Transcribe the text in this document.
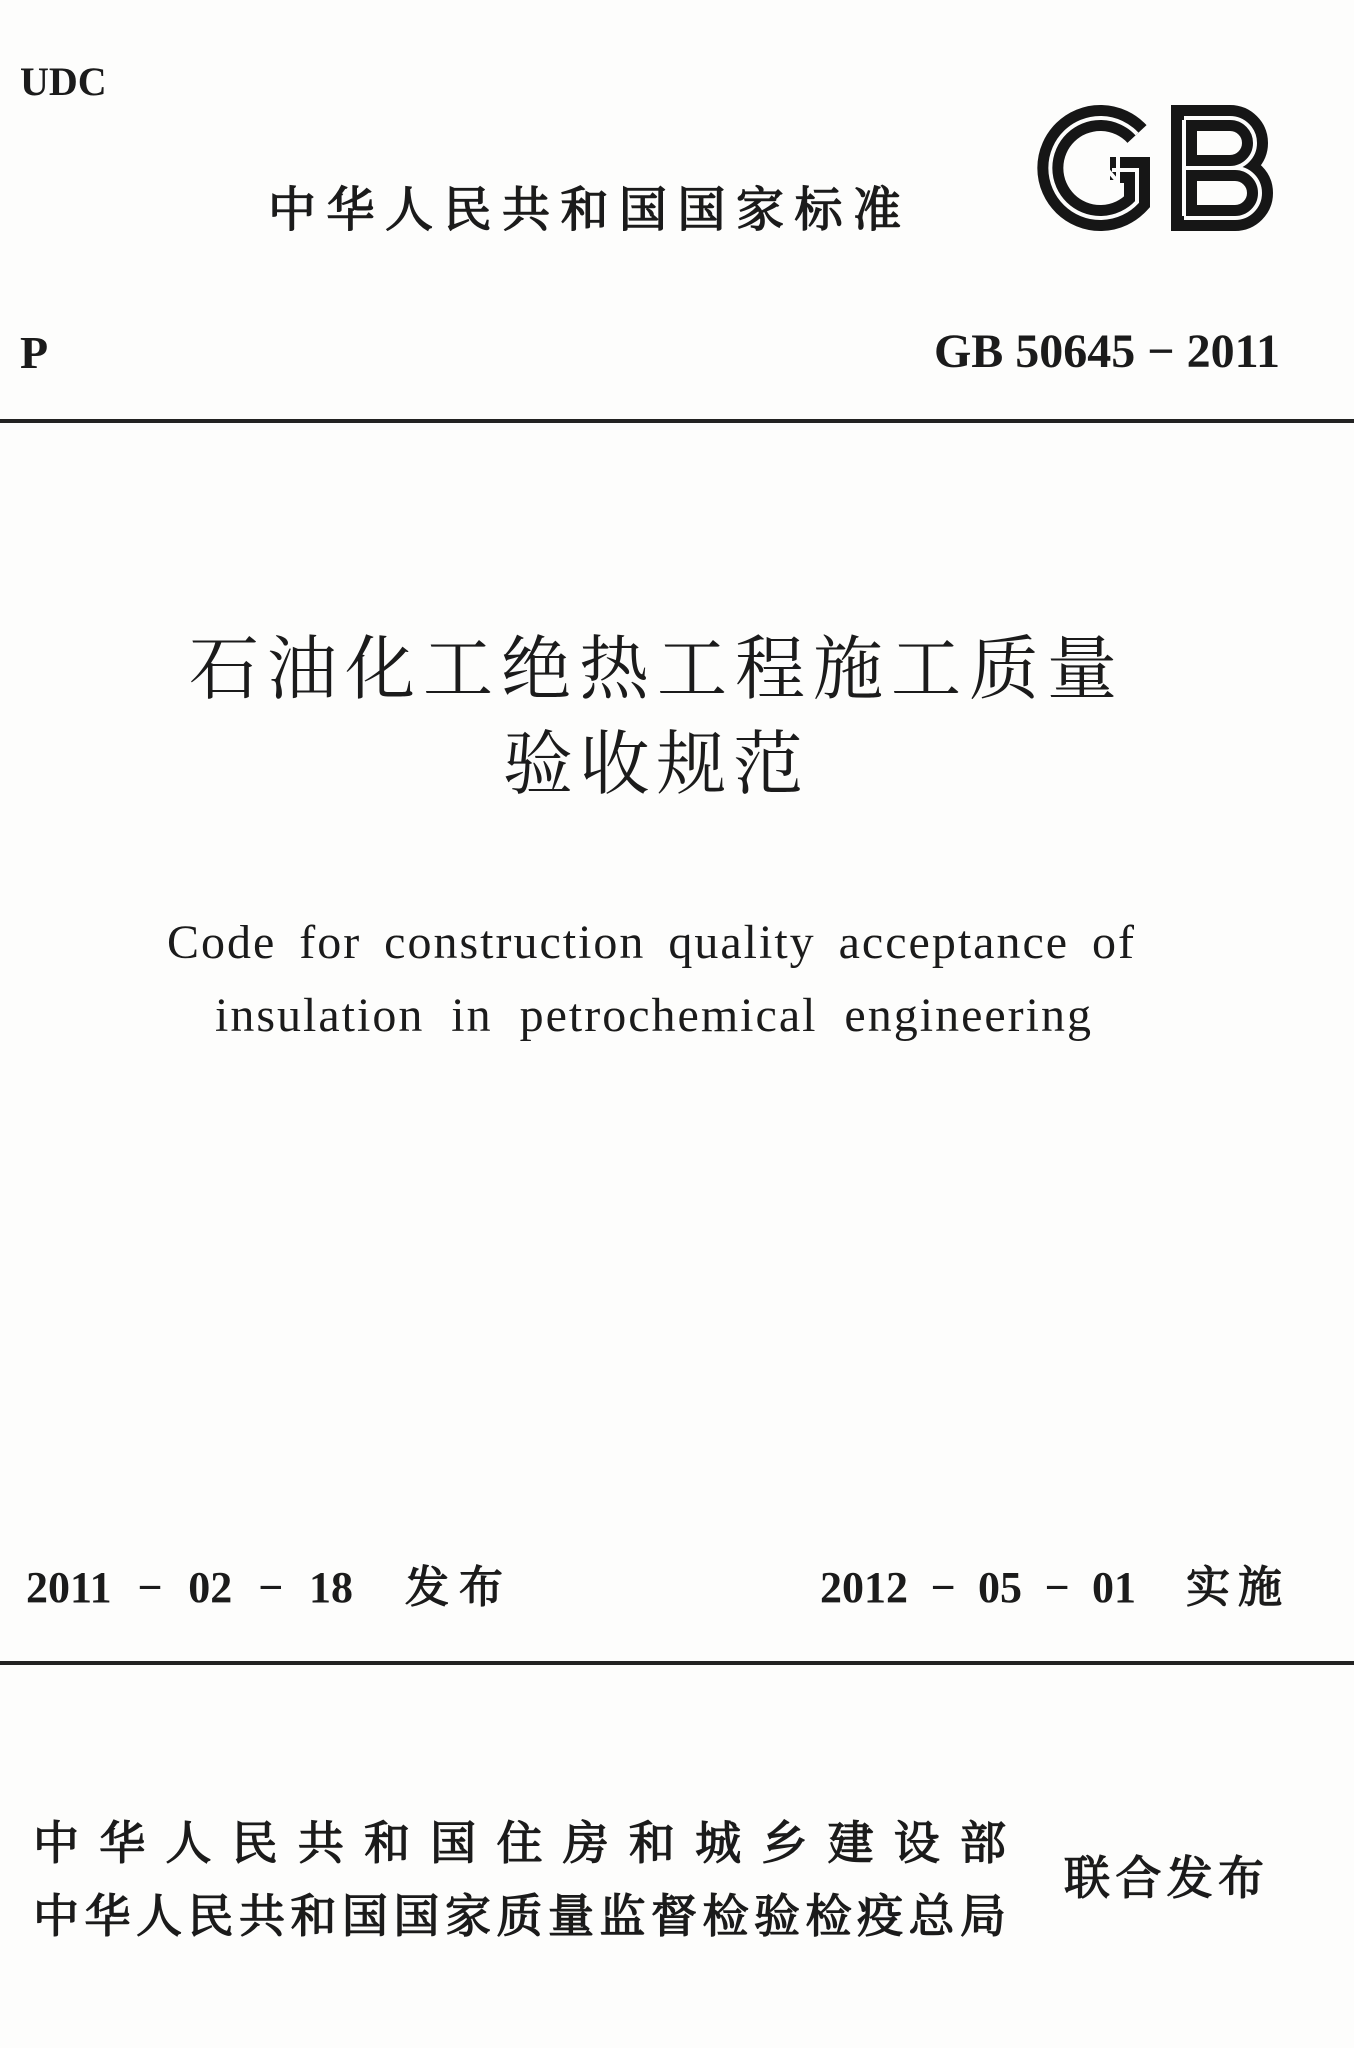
UDC
中华人民共和国国家标准
P	GB 50645 − 2011
石油化工绝热工程施工质量
验收规范
Code for construction quality acceptance of
insulation in petrochemical engineering
2011 − 02 − 18 发布	2012 − 05 − 01 实施
中华人民共和国住房和城乡建设部
中华人民共和国国家质量监督检验检疫总局
联合发布
